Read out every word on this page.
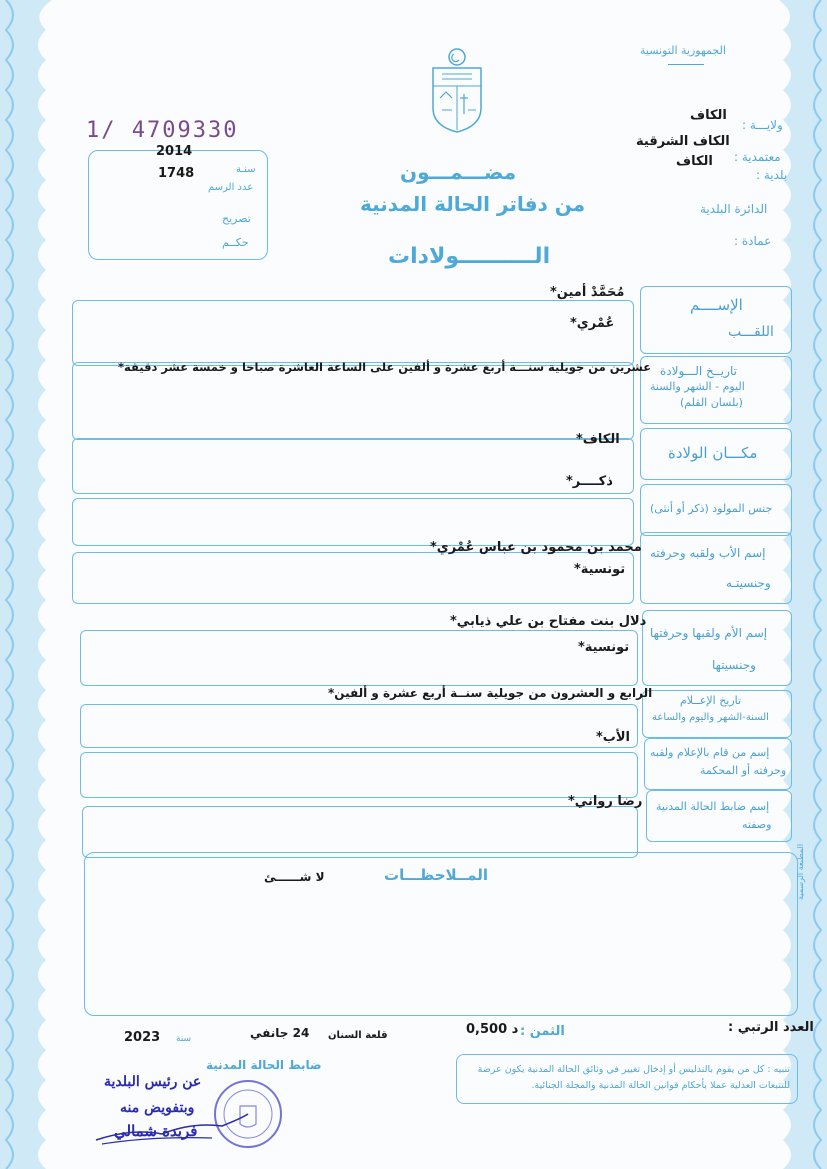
الجمهورية التونسية
ولايـــة :
الكاف
معتمدية :
الكاف الشرقية
بلدية :
الكاف
الدائرة البلدية
عمادة :
1/ 4709330
2014
سنـة
1748
عدد الرسم
تصريح
حكــم
مضـــمـــون
من دفاتر الحالة المدنية
الــــــــــولادات
الإســــم
اللقـــب
مُحَمَّدْ أمين*
عُمْري*
تاريــخ الـــولادة
اليوم - الشهر والسنة
(بلسان القلم)
عشرين من جويلية سنـــة أربع عشرة و ألفين على الساعة العاشرة صباحا و خمسة عشر دقيقة*
مكـــان الولادة
الكاف*
جنس المولود (ذكر أو أنثى)
ذكــــر*
إسم الأب ولقبه وحرفته
وجنسيتـه
محمد بن محمود بن عباس عُمْري*
تونسية*
إسم الأم ولقبها وحرفتها
وجنسيتها
دلال بنت مفتاح بن علي ذيابي*
تونسية*
تاريخ الإعــلام
السنة-الشهر واليوم والساعة
الرابع و العشرون من جويلية سنــة أربع عشرة و ألفين*
إسم من قام بالإعلام ولقبه
وحرفته أو المحكمة
الأب*
إسم ضابط الحالة المدنية
وصفته
رضا رواني*
المــلاحظـــات
لا شــــــئ	المطبعة الرسمية
العدد الرتبي :
الثمن :
0,500 د
قلعة السنان
24 جانفي
سنة
2023
ضابط الحالة المدنية
عن رئيس البلدية
وبتفويض منه
فريدة شمالي
تنبيه : كل من يقوم بالتدليس أو إدخال تغيير في وثائق الحالة المدنية يكون عرضة للتتبعات العدلية عملا بأحكام قوانين الحالة المدنية والمجلة الجنائية.
